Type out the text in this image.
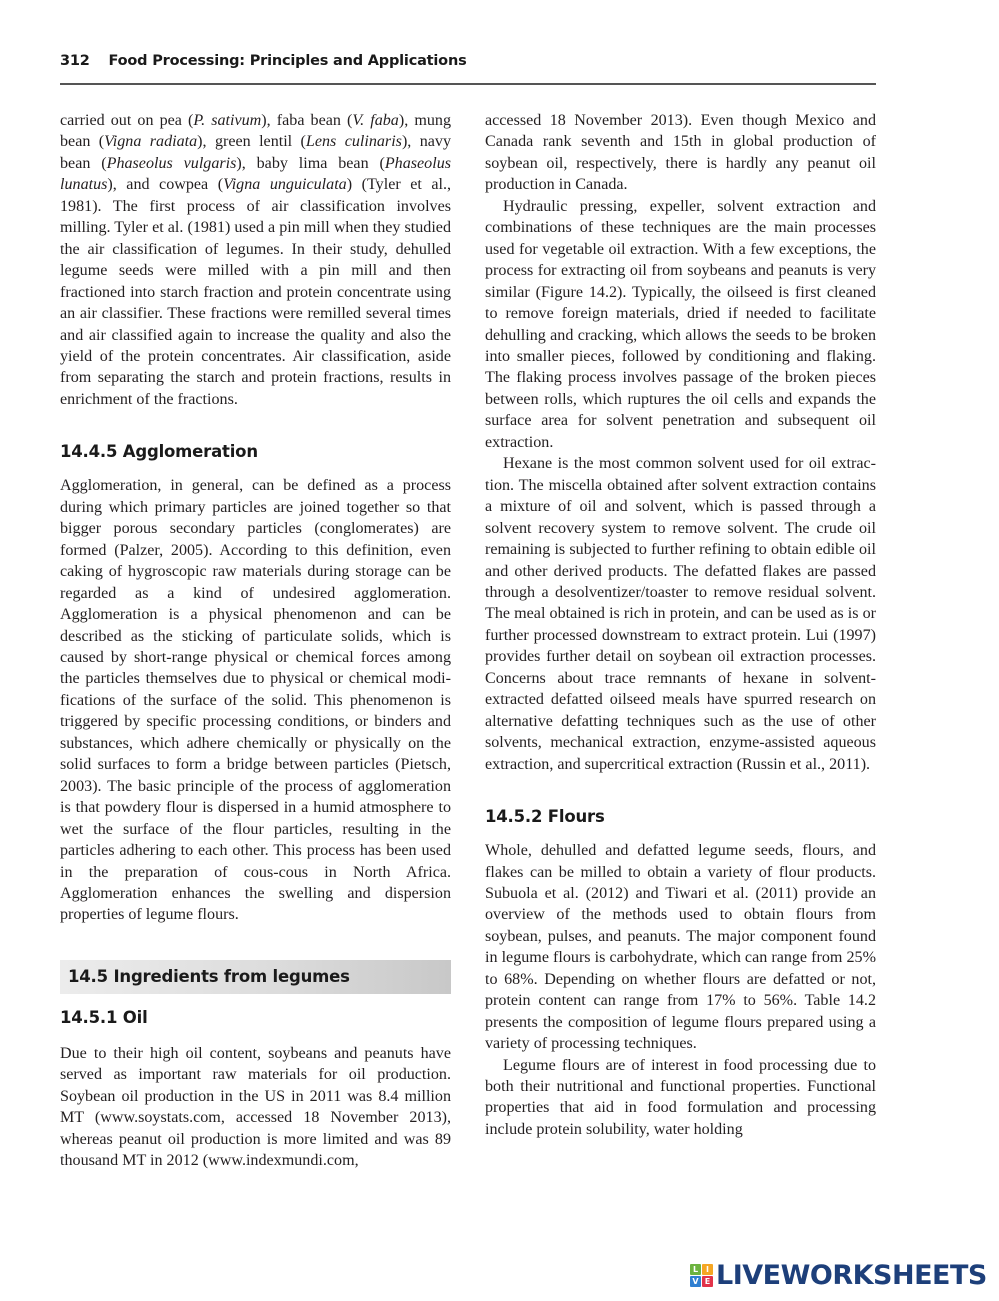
312 Food Processing: Principles and Applications

carried out on pea (P. sativum), faba bean (V. faba), mung bean (Vigna radiata), green lentil (Lens culinaris), navy bean (Phaseolus vulgaris), baby lima bean (Phaseolus lunatus), and cowpea (Vigna unguiculata) (Tyler et al., 1981). The first process of air classification involves milling. Tyler et al. (1981) used a pin mill when they studied the air classification of legumes. In their study, dehulled legume seeds were milled with a pin mill and then fractioned into starch fraction and protein concentrate using an air classifier. These fractions were remilled several times and air classified again to increase the quality and also the yield of the protein concentrates. Air classification, aside from separating the starch and protein fractions, results in enrichment of the fractions.

14.4.5 Agglomeration

Agglomeration, in general, can be defined as a process during which primary particles are joined together so that bigger porous secondary particles (conglomerates) are formed (Palzer, 2005). According to this definition, even caking of hygroscopic raw materials during storage can be regarded as a kind of undesired agglomeration. Agglomeration is a physical phenomenon and can be described as the sticking of particulate solids, which is caused by short-range physical or chemical forces among the particles themselves due to physical or chemical modifications of the surface of the solid. This phenomenon is triggered by specific processing conditions, or binders and substances, which adhere chemically or physically on the solid surfaces to form a bridge between particles (Pietsch, 2003). The basic principle of the process of agglomeration is that powdery flour is dispersed in a humid atmosphere to wet the surface of the flour particles, resulting in the particles adhering to each other. This process has been used in the preparation of cous-cous in North Africa. Agglomeration enhances the swelling and dispersion properties of legume flours.

14.5 Ingredients from legumes
14.5.1 Oil

Due to their high oil content, soybeans and peanuts have served as important raw materials for oil production. Soybean oil production in the US in 2011 was 8.4 million MT (www.soystats.com, accessed 18 November 2013), whereas peanut oil production is more limited and was 89 thousand MT in 2012 (www.indexmundi.com,

accessed 18 November 2013). Even though Mexico and Canada rank seventh and 15th in global production of soybean oil, respectively, there is hardly any peanut oil production in Canada.

Hydraulic pressing, expeller, solvent extraction and combinations of these techniques are the main processes used for vegetable oil extraction. With a few exceptions, the process for extracting oil from soybeans and peanuts is very similar (Figure 14.2). Typically, the oilseed is first cleaned to remove foreign materials, dried if needed to facilitate dehulling and cracking, which allows the seeds to be broken into smaller pieces, followed by conditioning and flaking. The flaking process involves passage of the broken pieces between rolls, which ruptures the oil cells and expands the surface area for solvent penetration and subsequent oil extraction.

Hexane is the most common solvent used for oil extraction. The miscella obtained after solvent extraction contains a mixture of oil and solvent, which is passed through a solvent recovery system to remove solvent. The crude oil remaining is subjected to further refining to obtain edible oil and other derived products. The defatted flakes are passed through a desolventizer/toaster to remove residual solvent. The meal obtained is rich in protein, and can be used as is or further processed downstream to extract protein. Lui (1997) provides further detail on soybean oil extraction processes. Concerns about trace remnants of hexane in solvent-extracted defatted oilseed meals have spurred research on alternative defatting techniques such as the use of other solvents, mechanical extraction, enzyme-assisted aqueous extraction, and supercritical extraction (Russin et al., 2011).

14.5.2 Flours

Whole, dehulled and defatted legume seeds, flours, and flakes can be milled to obtain a variety of flour products. Subuola et al. (2012) and Tiwari et al. (2011) provide an overview of the methods used to obtain flours from soybean, pulses, and peanuts. The major component found in legume flours is carbohydrate, which can range from 25% to 68%. Depending on whether flours are defatted or not, protein content can range from 17% to 56%. Table 14.2 presents the composition of legume flours prepared using a variety of processing techniques.

Legume flours are of interest in food processing due to both their nutritional and functional properties. Functional properties that aid in food formulation and processing include protein solubility, water holding

L I
V E LIVEWORKSHEETS
